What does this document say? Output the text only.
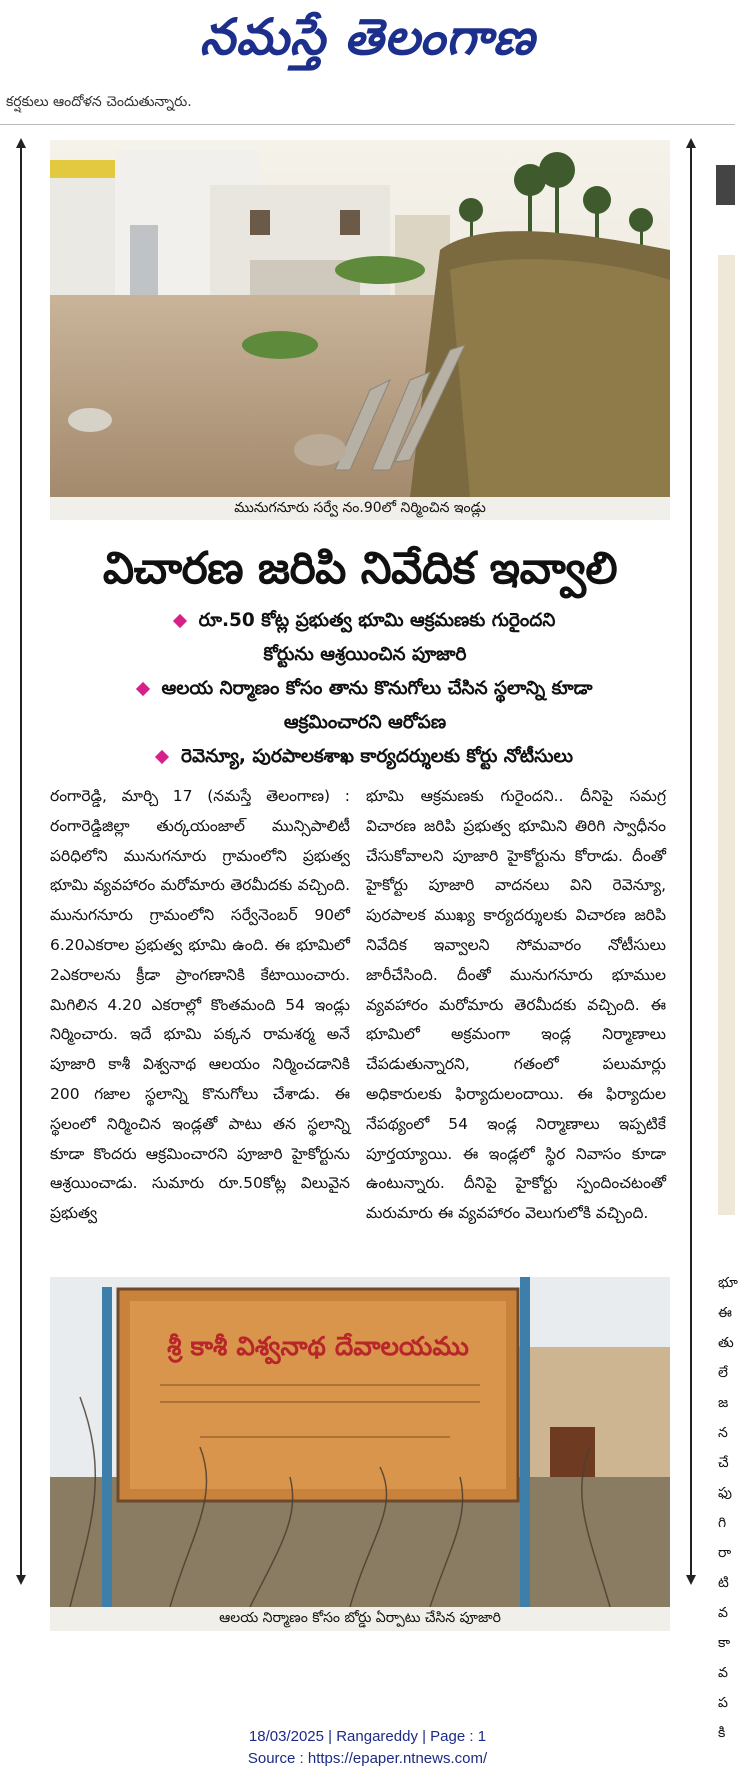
నమస్తే తెలంగాణ
కర్షకులు ఆందోళన చెందుతున్నారు.
మునుగనూరు సర్వే నం.90లో నిర్మించిన ఇండ్లు
విచారణ జరిపి నివేదిక ఇవ్వాలి
రూ.50 కోట్ల ప్రభుత్వ భూమి ఆక్రమణకు గురైందని
కోర్టును ఆశ్రయించిన పూజారి
ఆలయ నిర్మాణం కోసం తాను కొనుగోలు చేసిన స్థలాన్ని కూడా
ఆక్రమించారని ఆరోపణ
రెవెన్యూ, పురపాలకశాఖ కార్యదర్శులకు కోర్టు నోటీసులు

రంగారెడ్డి, మార్చి 17 (నమస్తే తెలంగాణ) : రంగారెడ్డిజిల్లా తుర్కయంజాల్ మున్సిపాలిటీ పరిధిలోని మునుగనూరు గ్రామంలోని ప్రభుత్వ భూమి వ్యవహారం మరోమారు తెరమీదకు వచ్చింది. మునుగనూరు గ్రామంలోని సర్వేనెంబర్ 90లో 6.20ఎకరాల ప్రభుత్వ భూమి ఉంది. ఈ భూమిలో 2ఎకరాలను క్రీడా ప్రాంగణానికి కేటాయించారు. మిగిలిన 4.20 ఎకరాల్లో కొంతమంది 54 ఇండ్లు నిర్మించారు. ఇదే భూమి పక్కన రామశర్మ అనే పూజారి కాశీ విశ్వనాథ ఆలయం నిర్మించడానికి 200 గజాల స్థలాన్ని కొనుగోలు చేశాడు. ఈ స్థలంలో నిర్మించిన ఇండ్లతో పాటు తన స్థలాన్ని కూడా కొందరు ఆక్రమించారని పూజారి హైకోర్టును ఆశ్రయించాడు. సుమారు రూ.50కోట్ల విలువైన ప్రభుత్వ

భూమి ఆక్రమణకు గురైందని.. దీనిపై సమగ్ర విచారణ జరిపి ప్రభుత్వ భూమిని తిరిగి స్వాధీనం చేసుకోవాలని పూజారి హైకోర్టును కోరాడు. దీంతో హైకోర్టు పూజారి వాదనలు విని రెవెన్యూ, పురపాలక ముఖ్య కార్యదర్శులకు విచారణ జరిపి నివేదిక ఇవ్వాలని సోమవారం నోటీసులు జారీచేసింది. దీంతో మునుగనూరు భూముల వ్యవహారం మరోమారు తెరమీదకు వచ్చింది. ఈ భూమిలో అక్రమంగా ఇండ్ల నిర్మాణాలు చేపడుతున్నారని, గతంలో పలుమార్లు అధికారులకు ఫిర్యాదులందాయి. ఈ ఫిర్యాదుల నేపథ్యంలో 54 ఇండ్ల నిర్మాణాలు ఇప్పటికే పూర్తయ్యాయి. ఈ ఇండ్లలో స్థిర నివాసం కూడా ఉంటున్నారు. దీనిపై హైకోర్టు స్పందించటంతో మరుమారు ఈ వ్యవహారం వెలుగులోకి వచ్చింది.

శ్రీ కాశీ విశ్వనాథ దేవాలయము
ఆలయ నిర్మాణం కోసం బోర్డు ఏర్పాటు చేసిన పూజారి
భూ
ఈ
తు
లే
జ
న
చే
ఫు
గి
రా
టి
వ
కా
వ
ప
కి
18/03/2025 | Rangareddy | Page : 1
Source : https://epaper.ntnews.com/
